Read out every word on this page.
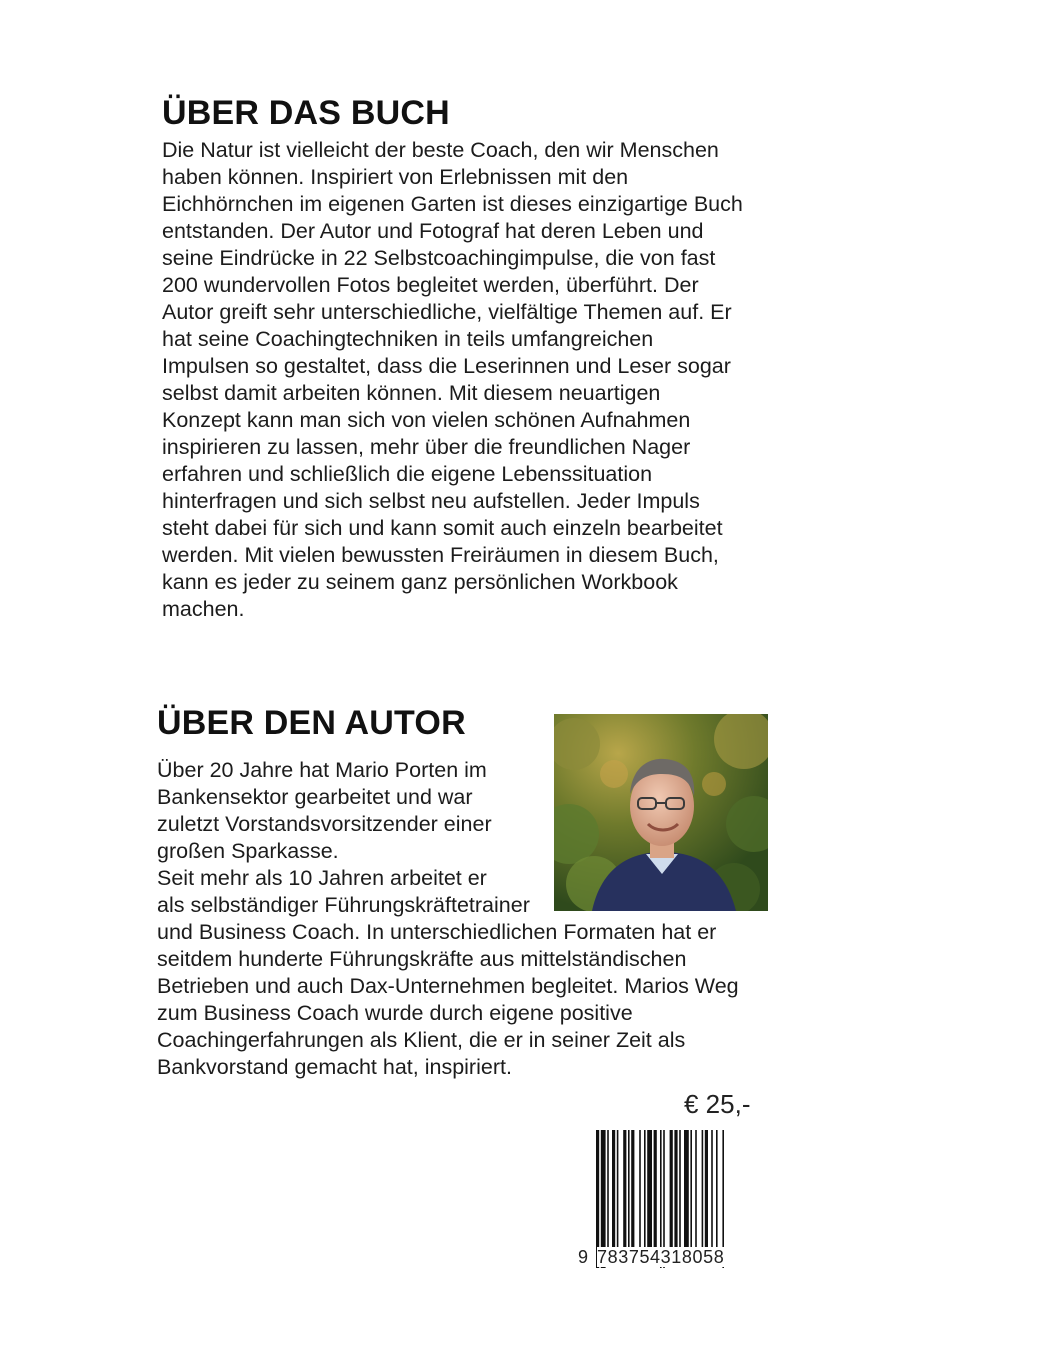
ÜBER DAS BUCH
Die Natur ist vielleicht der beste Coach, den wir Menschen
haben können. Inspiriert von Erlebnissen mit den
Eichhörnchen im eigenen Garten ist dieses einzigartige Buch
entstanden. Der Autor und Fotograf hat deren Leben und
seine Eindrücke in 22 Selbstcoachingimpulse, die von fast
200 wundervollen Fotos begleitet werden, überführt. Der
Autor greift sehr unterschiedliche, vielfältige Themen auf. Er
hat seine Coachingtechniken in teils umfangreichen
Impulsen so gestaltet, dass die Leserinnen und Leser sogar
selbst damit arbeiten können. Mit diesem neuartigen
Konzept kann man sich von vielen schönen Aufnahmen
inspirieren zu lassen, mehr über die freundlichen Nager
erfahren und schließlich die eigene Lebenssituation
hinterfragen und sich selbst neu aufstellen. Jeder Impuls
steht dabei für sich und kann somit auch einzeln bearbeitet
werden. Mit vielen bewussten Freiräumen in diesem Buch,
kann es jeder zu seinem ganz persönlichen Workbook
machen.
ÜBER DEN AUTOR
Über 20 Jahre hat Mario Porten im
Bankensektor gearbeitet und war
zuletzt Vorstandsvorsitzender einer
großen Sparkasse.
Seit mehr als 10 Jahren arbeitet er
als selbständiger Führungskräftetrainer
und Business Coach. In unterschiedlichen Formaten hat er
seitdem hunderte Führungskräfte aus mittelständischen
Betrieben und auch Dax-Unternehmen begleitet. Marios Weg
zum Business Coach wurde durch eigene positive
Coachingerfahrungen als Klient, die er in seiner Zeit als
Bankvorstand gemacht hat, inspiriert.
€ 25,-
9 783754318058
